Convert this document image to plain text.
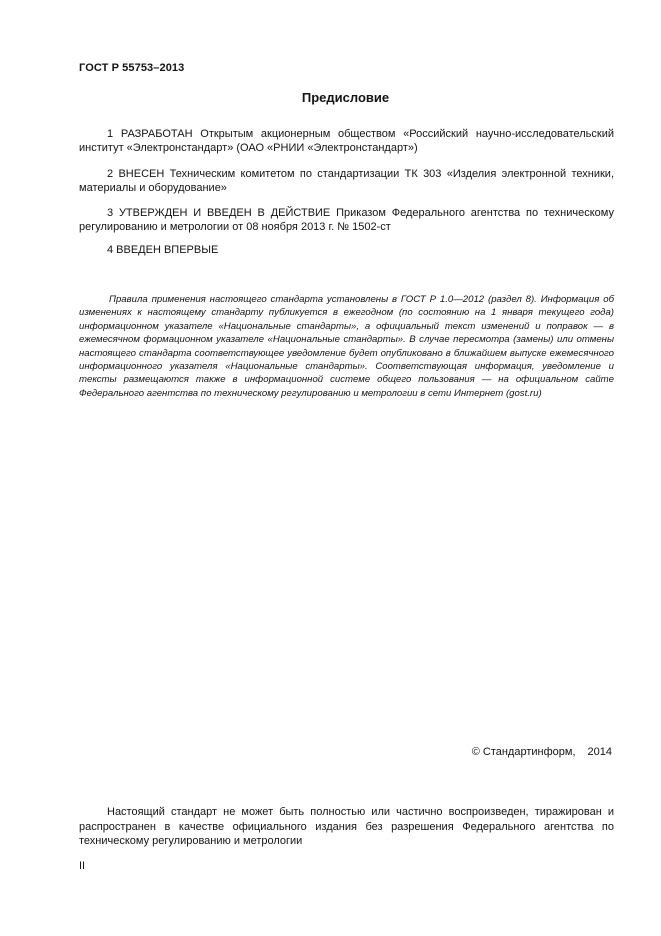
ГОСТ Р 55753–2013
Предисловие
1 РАЗРАБОТАН Открытым акционерным обществом «Российский научно-исследовательский институт «Электронстандарт» (ОАО «РНИИ «Электронстандарт»)
2 ВНЕСЕН Техническим комитетом по стандартизации ТК 303 «Изделия электронной техники, материалы и оборудование»
3 УТВЕРЖДЕН И ВВЕДЕН В ДЕЙСТВИЕ Приказом Федерального агентства по техническому регулированию и метрологии от 08 ноября 2013 г. № 1502-ст
4 ВВЕДЕН ВПЕРВЫЕ
Правила применения настоящего стандарта установлены в ГОСТ Р 1.0—2012 (раздел 8). Информация об изменениях к настоящему стандарту публикуется в ежегодном (по состоянию на 1 января текущего года) информационном указателе «Национальные стандарты», а официальный текст изменений и поправок — в ежемесячном формационном указателе «Национальные стандарты». В случае пересмотра (замены) или отмены настоящего стандарта соответствующее уведомление будет опубликовано в ближайшем выпуске ежемесячного информационного указателя «Национальные стандарты». Соответствующая информация, уведомление и тексты размещаются также в информационной системе общего пользования — на официальном сайте Федерального агентства по техническому регулированию и метрологии в сети Интернет (gost.ru)
© Стандартинформ, 2014
Настоящий стандарт не может быть полностью или частично воспроизведен, тиражирован и распространен в качестве официального издания без разрешения Федерального агентства по техническому регулированию и метрологии
II
